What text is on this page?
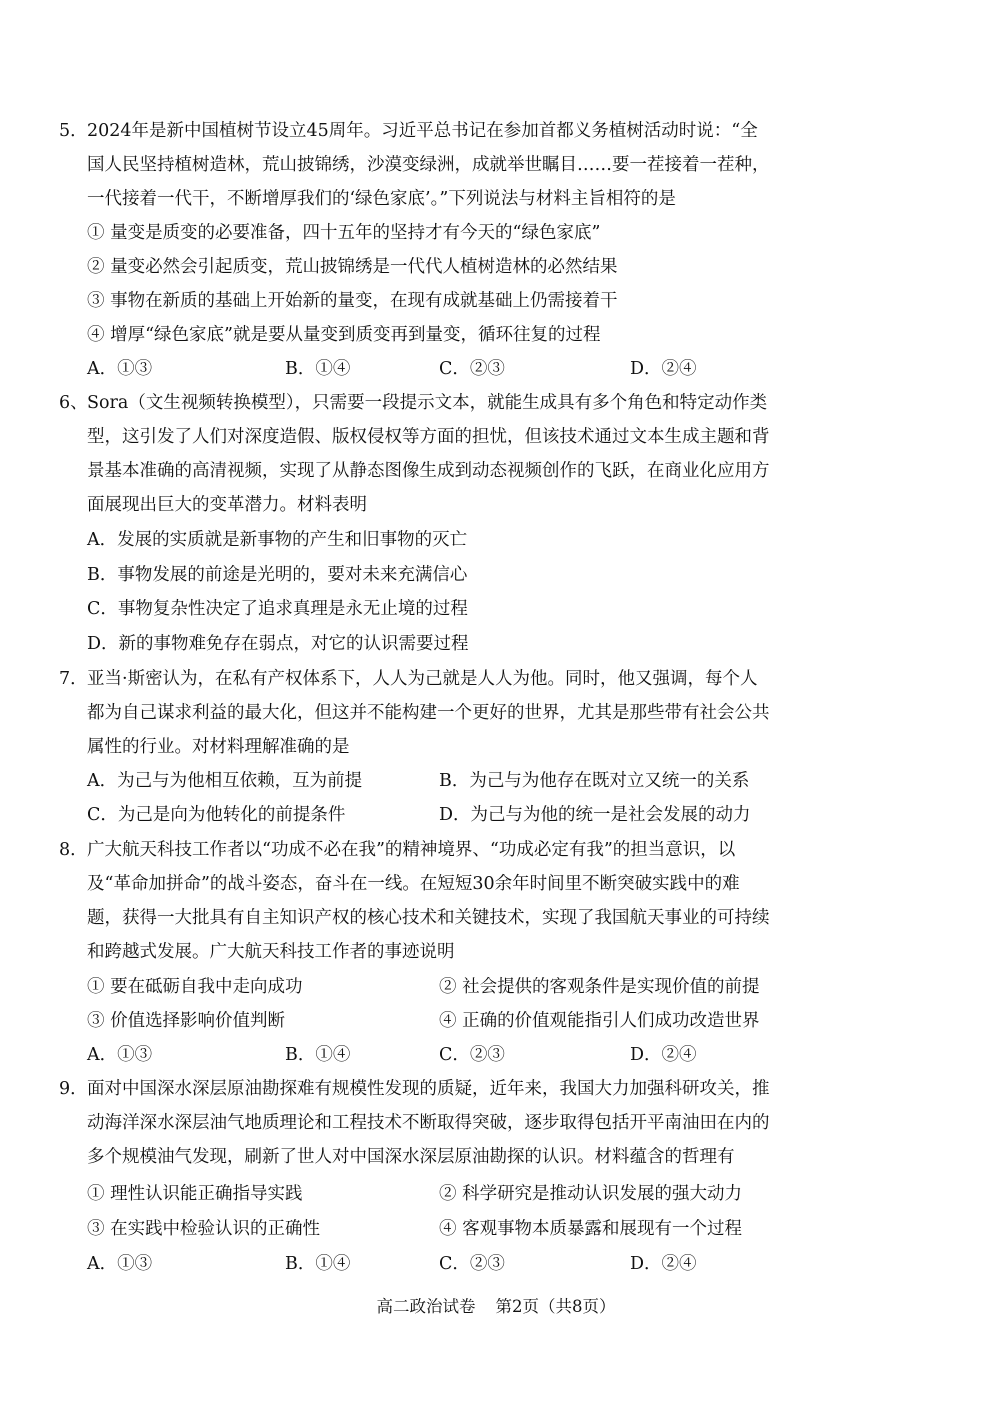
5．2024年是新中国植树节设立45周年。习近平总书记在参加首都义务植树活动时说：“全
国人民坚持植树造林，荒山披锦绣，沙漠变绿洲，成就举世瞩目……要一茬接着一茬种，
一代接着一代干，不断增厚我们的‘绿色家底’。”下列说法与材料主旨相符的是
① 量变是质变的必要准备，四十五年的坚持才有今天的“绿色家底”
② 量变必然会引起质变，荒山披锦绣是一代代人植树造林的必然结果
③ 事物在新质的基础上开始新的量变，在现有成就基础上仍需接着干
④ 增厚“绿色家底”就是要从量变到质变再到量变，循环往复的过程
A．①③	B．①④	C．②③	D．②④
6、Sora（文生视频转换模型），只需要一段提示文本，就能生成具有多个角色和特定动作类
型，这引发了人们对深度造假、版权侵权等方面的担忧，但该技术通过文本生成主题和背
景基本准确的高清视频，实现了从静态图像生成到动态视频创作的飞跃，在商业化应用方
面展现出巨大的变革潜力。材料表明
A．发展的实质就是新事物的产生和旧事物的灭亡
B．事物发展的前途是光明的，要对未来充满信心
C．事物复杂性决定了追求真理是永无止境的过程
D．新的事物难免存在弱点，对它的认识需要过程
7．亚当·斯密认为，在私有产权体系下，人人为己就是人人为他。同时，他又强调，每个人
都为自己谋求利益的最大化，但这并不能构建一个更好的世界，尤其是那些带有社会公共
属性的行业。对材料理解准确的是
A．为己与为他相互依赖，互为前提	B．为己与为他存在既对立又统一的关系
C．为己是向为他转化的前提条件	D．为己与为他的统一是社会发展的动力
8．广大航天科技工作者以“功成不必在我”的精神境界、“功成必定有我”的担当意识，以
及“革命加拼命”的战斗姿态，奋斗在一线。在短短30余年时间里不断突破实践中的难
题，获得一大批具有自主知识产权的核心技术和关键技术，实现了我国航天事业的可持续
和跨越式发展。广大航天科技工作者的事迹说明
① 要在砥砺自我中走向成功	② 社会提供的客观条件是实现价值的前提
③ 价值选择影响价值判断	④ 正确的价值观能指引人们成功改造世界
A．①③	B．①④	C．②③	D．②④
9．面对中国深水深层原油勘探难有规模性发现的质疑，近年来，我国大力加强科研攻关，推
动海洋深水深层油气地质理论和工程技术不断取得突破，逐步取得包括开平南油田在内的
多个规模油气发现，刷新了世人对中国深水深层原油勘探的认识。材料蕴含的哲理有
① 理性认识能正确指导实践	② 科学研究是推动认识发展的强大动力
③ 在实践中检验认识的正确性	④ 客观事物本质暴露和展现有一个过程
A．①③	B．①④	C．②③	D．②④
高二政治试卷 第2页（共8页）
